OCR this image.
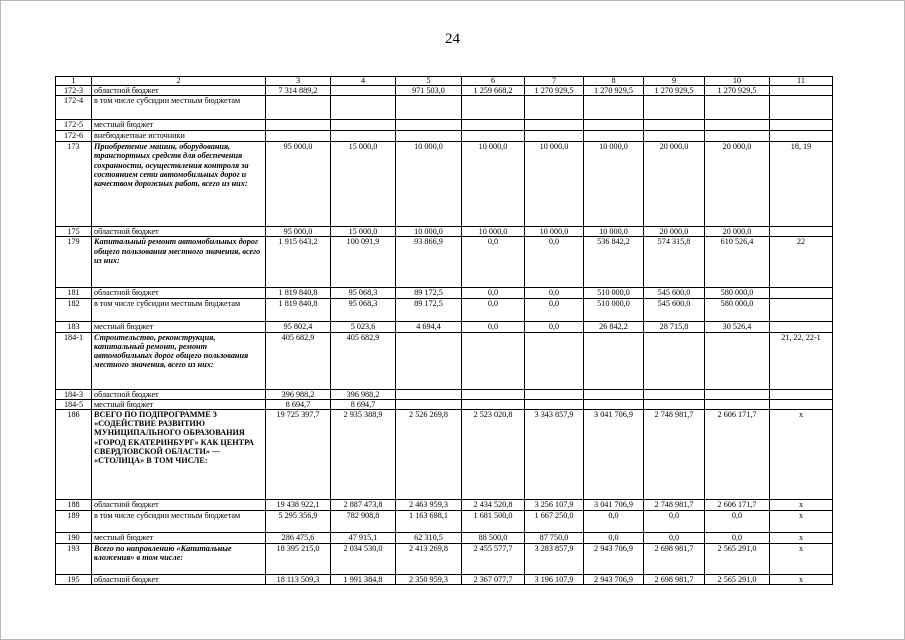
24
1	2	3	4	5	6	7	8	9	10	11
172-3	областной бюджет	7 314 889,2		971 503,0	1 259 668,2	1 270 929,5	1 270 929,5	1 270 929,5	1 270 929,5	
172-4	в том числе субсидии местным бюджетам									
172-5	местный бюджет									
172-6	внебюджетные источники									
173	Приобретение машин, оборудования, транспортных средств для обеспечения сохранности, осуществления контроля за состоянием сети автомобильных дорог и качеством дорожных работ, всего из них:	95 000,0	15 000,0	10 000,0	10 000,0	10 000,0	10 000,0	20 000,0	20 000,0	18, 19
175	областной бюджет	95 000,0	15 000,0	10 000,0	10 000,0	10 000,0	10 000,0	20 000,0	20 000,0	
179	Капитальный ремонт автомобильных дорог общего пользования местного значения, всего из них:	1 915 643,2	100 091,9	93 866,9	0,0	0,0	536 842,2	574 315,8	610 526,4	22
181	областной бюджет	1 819 840,8	95 068,3	89 172,5	0,0	0,0	510 000,0	545 600,0	580 000,0	
182	в том числе субсидии местным бюджетам	1 819 840,8	95 068,3	89 172,5	0,0	0,0	510 000,0	545 600,0	580 000,0	
183	местный бюджет	95 802,4	5 023,6	4 694,4	0,0	0,0	26 842,2	28 715,8	30 526,4	
184-1	Строительство, реконструкция, капитальный ремонт, ремонт автомобильных дорог общего пользования местного значения, всего из них:	405 682,9	405 682,9							21, 22, 22-1
184-3	областной бюджет	396 988,2	396 988,2							
184-5	местный бюджет	8 694,7	8 694,7							
186	ВСЕГО ПО ПОДПРОГРАММЕ 3 «СОДЕЙСТВИЕ РАЗВИТИЮ МУНИЦИПАЛЬНОГО ОБРАЗОВАНИЯ «ГОРОД ЕКАТЕРИНБУРГ» КАК ЦЕНТРА СВЕРДЛОВСКОЙ ОБЛАСТИ» — «СТОЛИЦА» В ТОМ ЧИСЛЕ:	19 725 397,7	2 935 388,9	2 526 269,8	2 523 020,8	3 343 857,9	3 041 706,9	2 748 981,7	2 606 171,7	x
188	областной бюджет	19 438 922,1	2 887 473,8	2 463 959,3	2 434 520,8	3 256 107,9	3 041 706,9	2 748 981,7	2 606 171,7	x
189	в том числе субсидии местным бюджетам	5 295 356,9	782 908,8	1 163 698,1	1 681 500,0	1 667 250,0	0,0	0,0	0,0	x
190	местный бюджет	286 475,6	47 915,1	62 310,5	88 500,0	87 750,0	0,0	0,0	0,0	x
193	Всего по направлению «Капитальные вложения» в том числе:	18 395 215,0	2 034 530,0	2 413 269,8	2 455 577,7	3 283 857,9	2 943 706,9	2 698 981,7	2 565 291,0	x
195	областной бюджет	18 113 509,3	1 991 384,8	2 350 959,3	2 367 077,7	3 196 107,9	2 943 706,9	2 698 981,7	2 565 291,0	x
